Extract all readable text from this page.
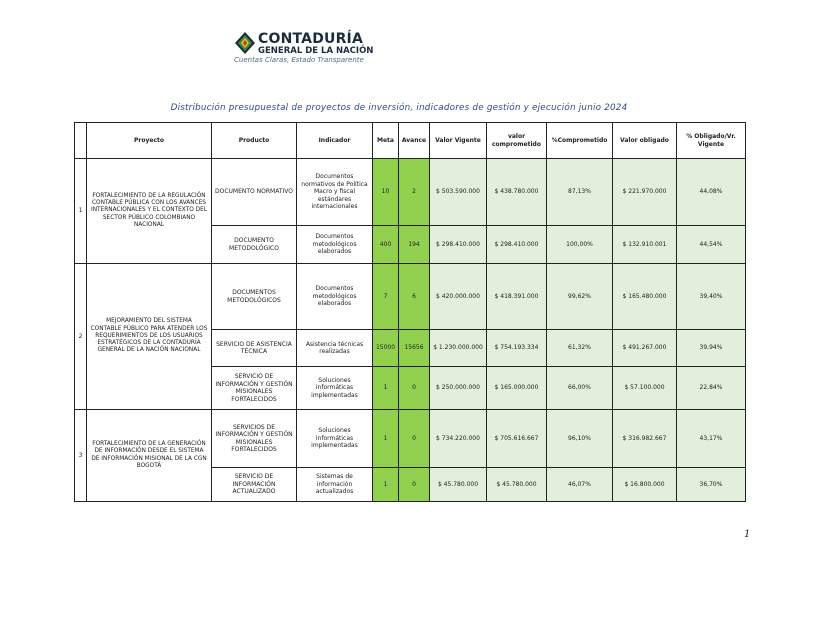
CONTADURÍA
GENERAL DE LA NACIÓN
Cuentas Claras, Estado Transparente
Distribución presupuestal de proyectos de inversión, indicadores de gestión y ejecución junio 2024
	Proyecto	Producto	Indicador	Meta	Avance	Valor Vigente	valor comprometido	%Comprometido	Valor obligado	% Obligado/Vr. Vigente
1	FORTALECIMIENTO DE LA REGULACIÓN CONTABLE PÚBLICA CON LOS AVANCES INTERNACIONALES Y EL CONTEXTO DEL SECTOR PÚBLICO COLOMBIANO NACIONAL	DOCUMENTO NORMATIVO	Documentos normativos de Política Macro y fiscal estándares internacionales	10	2	$ 503.590.000	$ 438.780.000	87,13%	$ 221.970.000	44,08%
		DOCUMENTO METODOLÓGICO	Documentos metodológicos elaborados	400	194	$ 298.410.000	$ 298.410.000	100,00%	$ 132.910.001	44,54%
2	MEJORAMIENTO DEL SISTEMA CONTABLE PÚBLICO PARA ATENDER LOS REQUERIMIENTOS DE LOS USUARIOS ESTRATÉGICOS DE LA CONTADURÍA GENERAL DE LA NACIÓN NACIONAL	DOCUMENTOS METODOLÓGICOS	Documentos metodológicos elaborados	7	6	$ 420.000.000	$ 418.391.000	99,62%	$ 165.480.000	39,40%
		SERVICIO DE ASISTENCIA TÉCNICA	Asistencia técnicas realizadas	15000	15656	$ 1.230.000.000	$ 754.193.334	61,32%	$ 491.267.000	39,94%
		SERVICIO DE INFORMACIÓN Y GESTIÓN MISIONALES FORTALECIDOS	Soluciones informáticas implementadas	1	0	$ 250.000.000	$ 165.000.000	66,00%	$ 57.100.000	22,84%
3	FORTALECIMIENTO DE LA GENERACIÓN DE INFORMACIÓN DESDE EL SISTEMA DE INFORMACIÓN MISIONAL DE LA CGN BOGOTÁ	SERVICIOS DE INFORMACIÓN Y GESTIÓN MISIONALES FORTALECIDOS	Soluciones informáticas implementadas	1	0	$ 734.220.000	$ 705.616.667	96,10%	$ 316.982.667	43,17%
		SERVICIO DE INFORMACIÓN ACTUALIZADO	Sistemas de información actualizados	1	0	$ 45.780.000	$ 45.780.000	46,07%	$ 16.800.000	36,70%
1
